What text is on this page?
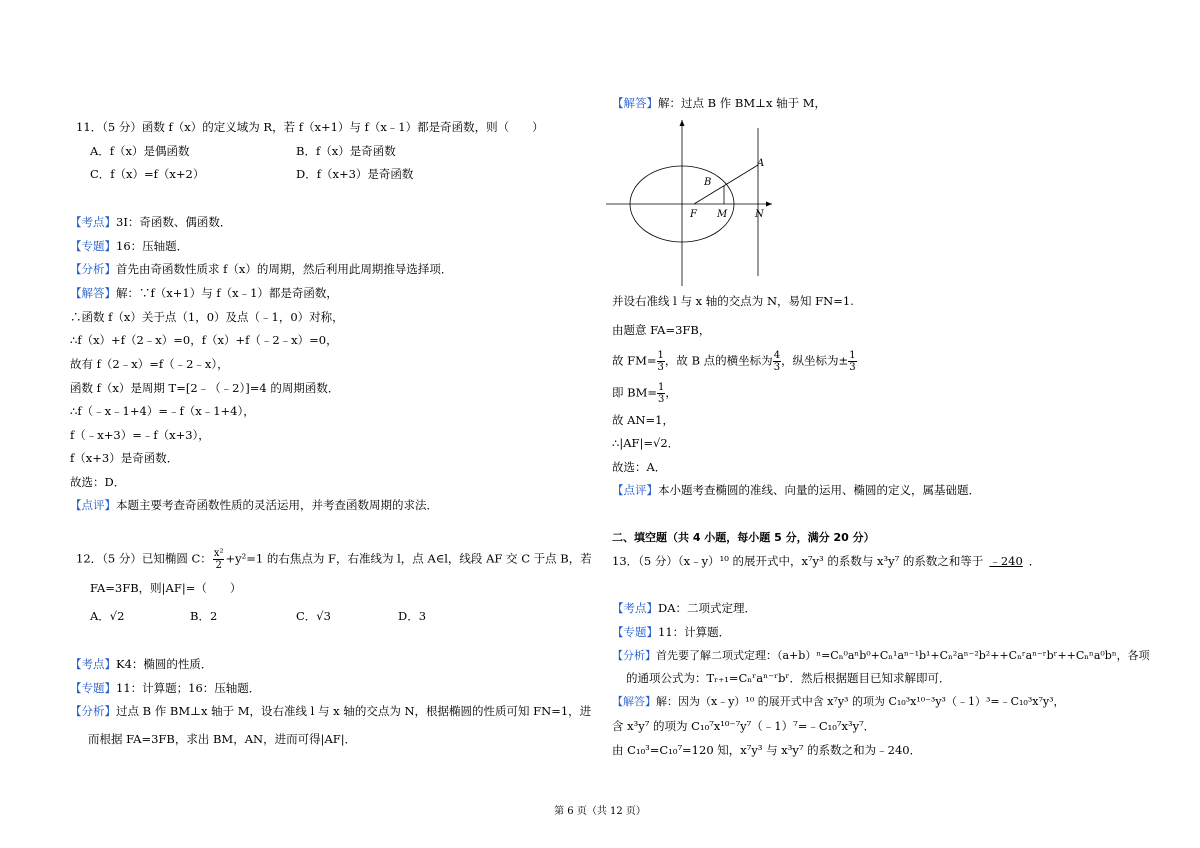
11．（5 分）函数 f（x）的定义域为 R，若 f（x+1）与 f（x﹣1）都是奇函数，则（　　）
A．f（x）是偶函数	B．f（x）是奇函数
C．f（x）=f（x+2）	D．f（x+3）是奇函数
【考点】3I：奇函数、偶函数．
【专题】16：压轴题．
【分析】首先由奇函数性质求 f（x）的周期，然后利用此周期推导选择项．
【解答】解：∵f（x+1）与 f（x﹣1）都是奇函数，
∴函数 f（x）关于点（1，0）及点（﹣1，0）对称，
∴f（x）+f（2﹣x）=0，f（x）+f（﹣2﹣x）=0，
故有 f（2﹣x）=f（﹣2﹣x），
函数 f（x）是周期 T=[2﹣（﹣2）]=4 的周期函数．
∴f（﹣x﹣1+4）=﹣f（x﹣1+4），
f（﹣x+3）=﹣f（x+3），
f（x+3）是奇函数．
故选：D．
【点评】本题主要考查奇函数性质的灵活运用，并考查函数周期的求法．
12．（5 分）已知椭圆 C： $\frac{\text{x²}}{2} +y^2=1$ 的右焦点为 F，右准线为 l，点 A∈l，线段 AF 交 C 于点 B，若
FA=3FB，则|AF|=（　　）
A．√2	B．2	C．√3	D．3
【考点】K4：椭圆的性质．
【专题】11：计算题；16：压轴题．
【分析】过点 B 作 BM⊥x 轴于 M，设右准线 l 与 x 轴的交点为 N，根据椭圆的性质可知 FN=1，进
而根据 FA=3FB，求出 BM，AN，进而可得|AF|．
【解答】解：过点 B 作 BM⊥x 轴于 M，
A
B
F M	N
并设右准线 l 与 x 轴的交点为 N，易知 FN=1.
由题意 FA=3FB，
故 $FM= \frac{1}{3}$ ，故 B 点的横坐标为 $\frac{4}{3}$ ，纵坐标为± $\frac{1}{3}$
即 $BM= \frac{1}{3}$ ，
故 AN=1，
∴|AF|=√2．
故选：A．
【点评】本小题考查椭圆的准线、向量的运用、椭圆的定义，属基础题．
二、填空题（共 4 小题，每小题 5 分，满分 20 分）
13．（5 分）（x﹣y）¹⁰ 的展开式中，x⁷y³ 的系数与 x³y⁷ 的系数之和等于 ﹣240 ．
【考点】DA：二项式定理．
【专题】11：计算题．
【分析】首先要了解二项式定理：（a+b）ⁿ=Cₙ⁰aⁿb⁰+Cₙ¹aⁿ⁻¹b¹+Cₙ²aⁿ⁻²b²++Cₙʳaⁿ⁻ʳbʳ++Cₙⁿa⁰bⁿ，各项
的通项公式为：Tᵣ₊₁=Cₙʳaⁿ⁻ʳbʳ．然后根据题目已知求解即可．
【解答】解：因为（x﹣y）¹⁰ 的展开式中含 x⁷y³ 的项为 C₁₀³x¹⁰⁻³y³（﹣1）³=﹣C₁₀³x⁷y³，
含 x³y⁷ 的项为 C₁₀⁷x¹⁰⁻⁷y⁷（﹣1）⁷=﹣C₁₀⁷x³y⁷．
由 C₁₀³=C₁₀⁷=120 知，x⁷y³ 与 x³y⁷ 的系数之和为﹣240．
第 6 页（共 12 页）
